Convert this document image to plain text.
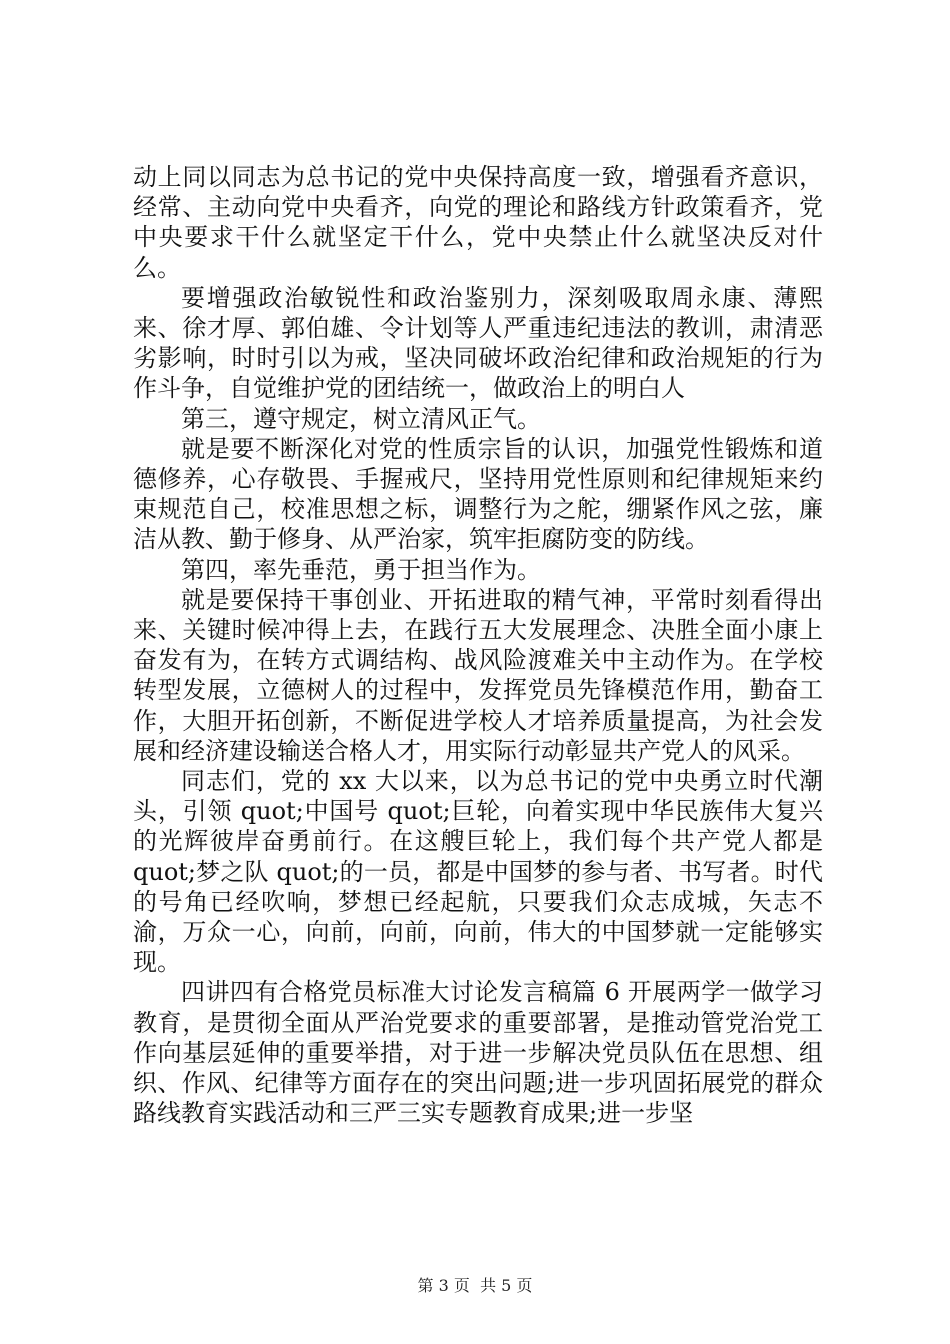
动上同以同志为总书记的党中央保持高度一致，增强看齐意识，经常、主动向党中央看齐，向党的理论和路线方针政策看齐，党中央要求干什么就坚定干什么，党中央禁止什么就坚决反对什么。

要增强政治敏锐性和政治鉴别力，深刻吸取周永康、薄熙来、徐才厚、郭伯雄、令计划等人严重违纪违法的教训，肃清恶劣影响，时时引以为戒，坚决同破坏政治纪律和政治规矩的行为作斗争，自觉维护党的团结统一，做政治上的明白人

第三，遵守规定，树立清风正气。

就是要不断深化对党的性质宗旨的认识，加强党性锻炼和道德修养，心存敬畏、手握戒尺，坚持用党性原则和纪律规矩来约束规范自己，校准思想之标，调整行为之舵，绷紧作风之弦，廉洁从教、勤于修身、从严治家，筑牢拒腐防变的防线。

第四，率先垂范，勇于担当作为。

就是要保持干事创业、开拓进取的精气神，平常时刻看得出来、关键时候冲得上去，在践行五大发展理念、决胜全面小康上奋发有为，在转方式调结构、战风险渡难关中主动作为。在学校转型发展，立德树人的过程中，发挥党员先锋模范作用，勤奋工作，大胆开拓创新，不断促进学校人才培养质量提高，为社会发展和经济建设输送合格人才，用实际行动彰显共产党人的风采。

同志们，党的 xx 大以来，以为总书记的党中央勇立时代潮头，引领 quot;中国号 quot;巨轮，向着实现中华民族伟大复兴的光辉彼岸奋勇前行。在这艘巨轮上，我们每个共产党人都是 quot;梦之队 quot;的一员，都是中国梦的参与者、书写者。时代的号角已经吹响，梦想已经起航，只要我们众志成城，矢志不渝，万众一心，向前，向前，向前，伟大的中国梦就一定能够实现。

四讲四有合格党员标准大讨论发言稿篇 6 开展两学一做学习教育，是贯彻全面从严治党要求的重要部署，是推动管党治党工作向基层延伸的重要举措，对于进一步解决党员队伍在思想、组织、作风、纪律等方面存在的突出问题;进一步巩固拓展党的群众路线教育实践活动和三严三实专题教育成果;进一步坚

第 3 页 共 5 页
